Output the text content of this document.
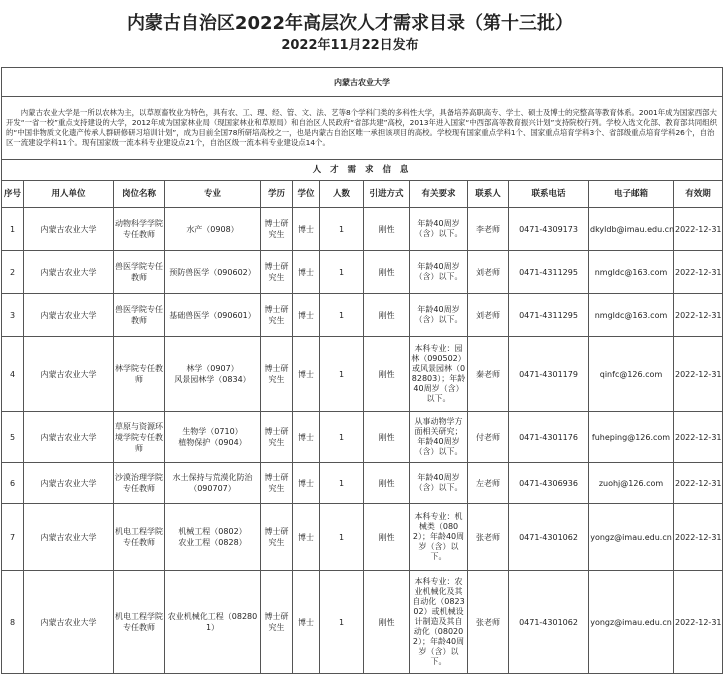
内蒙古自治区2022年高层次人才需求目录（第十三批）
2022年11月22日发布
内蒙古农业大学												

内蒙古农业大学是一所以农林为主，以草原畜牧业为特色，具有农、工、理、经、管、文、法、艺等8个学科门类的多科性大学，具备培养高职高专、学士、硕士及博士的完整高等教育体系。2001年成为国家西部大开发“一省一校”重点支持建设的大学，2012年成为国家林业局（现国家林业和草原局）和自治区人民政府“省部共建”高校，2013年进入国家“中西部高等教育振兴计划”支持院校行列。学校入选文化部、教育部共同组织的“中国非物质文化遗产传承人群研修研习培训计划”，成为目前全国78所研培高校之一，也是内蒙古自治区唯一承担该项目的高校。学校现有国家重点学科1个、国家重点培育学科3个、省部级重点培育学科26个，自治区一流建设学科11个。现有国家级一流本科专业建设点21个，自治区级一流本科专业建设点14个。												

人 才 需 求 信 息												
序号	用人单位	岗位名称	专业	学历	学位	人数	引进方式	有关要求	联系人	联系电话	电子邮箱	有效期
1	内蒙古农业大学	动物科学学院专任教师	水产（0908）	博士研究生	博士	1	刚性	年龄40周岁（含）以下。	李老师	0471-4309173	dkyldb@imau.edu.cn	2022-12-31
2	内蒙古农业大学	兽医学院专任教师	预防兽医学（090602）	博士研究生	博士	1	刚性	年龄40周岁（含）以下。	刘老师	0471-4311295	nmgldc@163.com	2022-12-31
3	内蒙古农业大学	兽医学院专任教师	基础兽医学（090601）	博士研究生	博士	1	刚性	年龄40周岁（含）以下。	刘老师	0471-4311295	nmgldc@163.com	2022-12-31
4	内蒙古农业大学	林学院专任教师	林学（0907）
风景园林学（0834）	博士研究生	博士	1	刚性	本科专业：园林（090502）或风景园林（082803）；年龄40周岁（含）以下。	秦老师	0471-4301179	qinfc@126.com	2022-12-31
5	内蒙古农业大学	草原与资源环境学院专任教师	生物学（0710）
植物保护（0904）	博士研究生	博士	1	刚性	从事动物学方面相关研究；年龄40周岁（含）以下。	付老师	0471-4301176	fuheping@126.com	2022-12-31
6	内蒙古农业大学	沙漠治理学院专任教师	水土保持与荒漠化防治（090707）	博士研究生	博士	1	刚性	年龄40周岁（含）以下。	左老师	0471-4306936	zuohj@126.com	2022-12-31
7	内蒙古农业大学	机电工程学院专任教师	机械工程（0802）
农业工程（0828）	博士研究生	博士	1	刚性	本科专业：机械类（0802）；年龄40周岁（含）以下。	张老师	0471-4301062	yongz@imau.edu.cn	2022-12-31
8	内蒙古农业大学	机电工程学院专任教师	农业机械化工程（082801）	博士研究生	博士	1	刚性	本科专业：农业机械化及其自动化（082302）或机械设计制造及其自动化（080202）；年龄40周岁（含）以下。	张老师	0471-4301062	yongz@imau.edu.cn	2022-12-31
